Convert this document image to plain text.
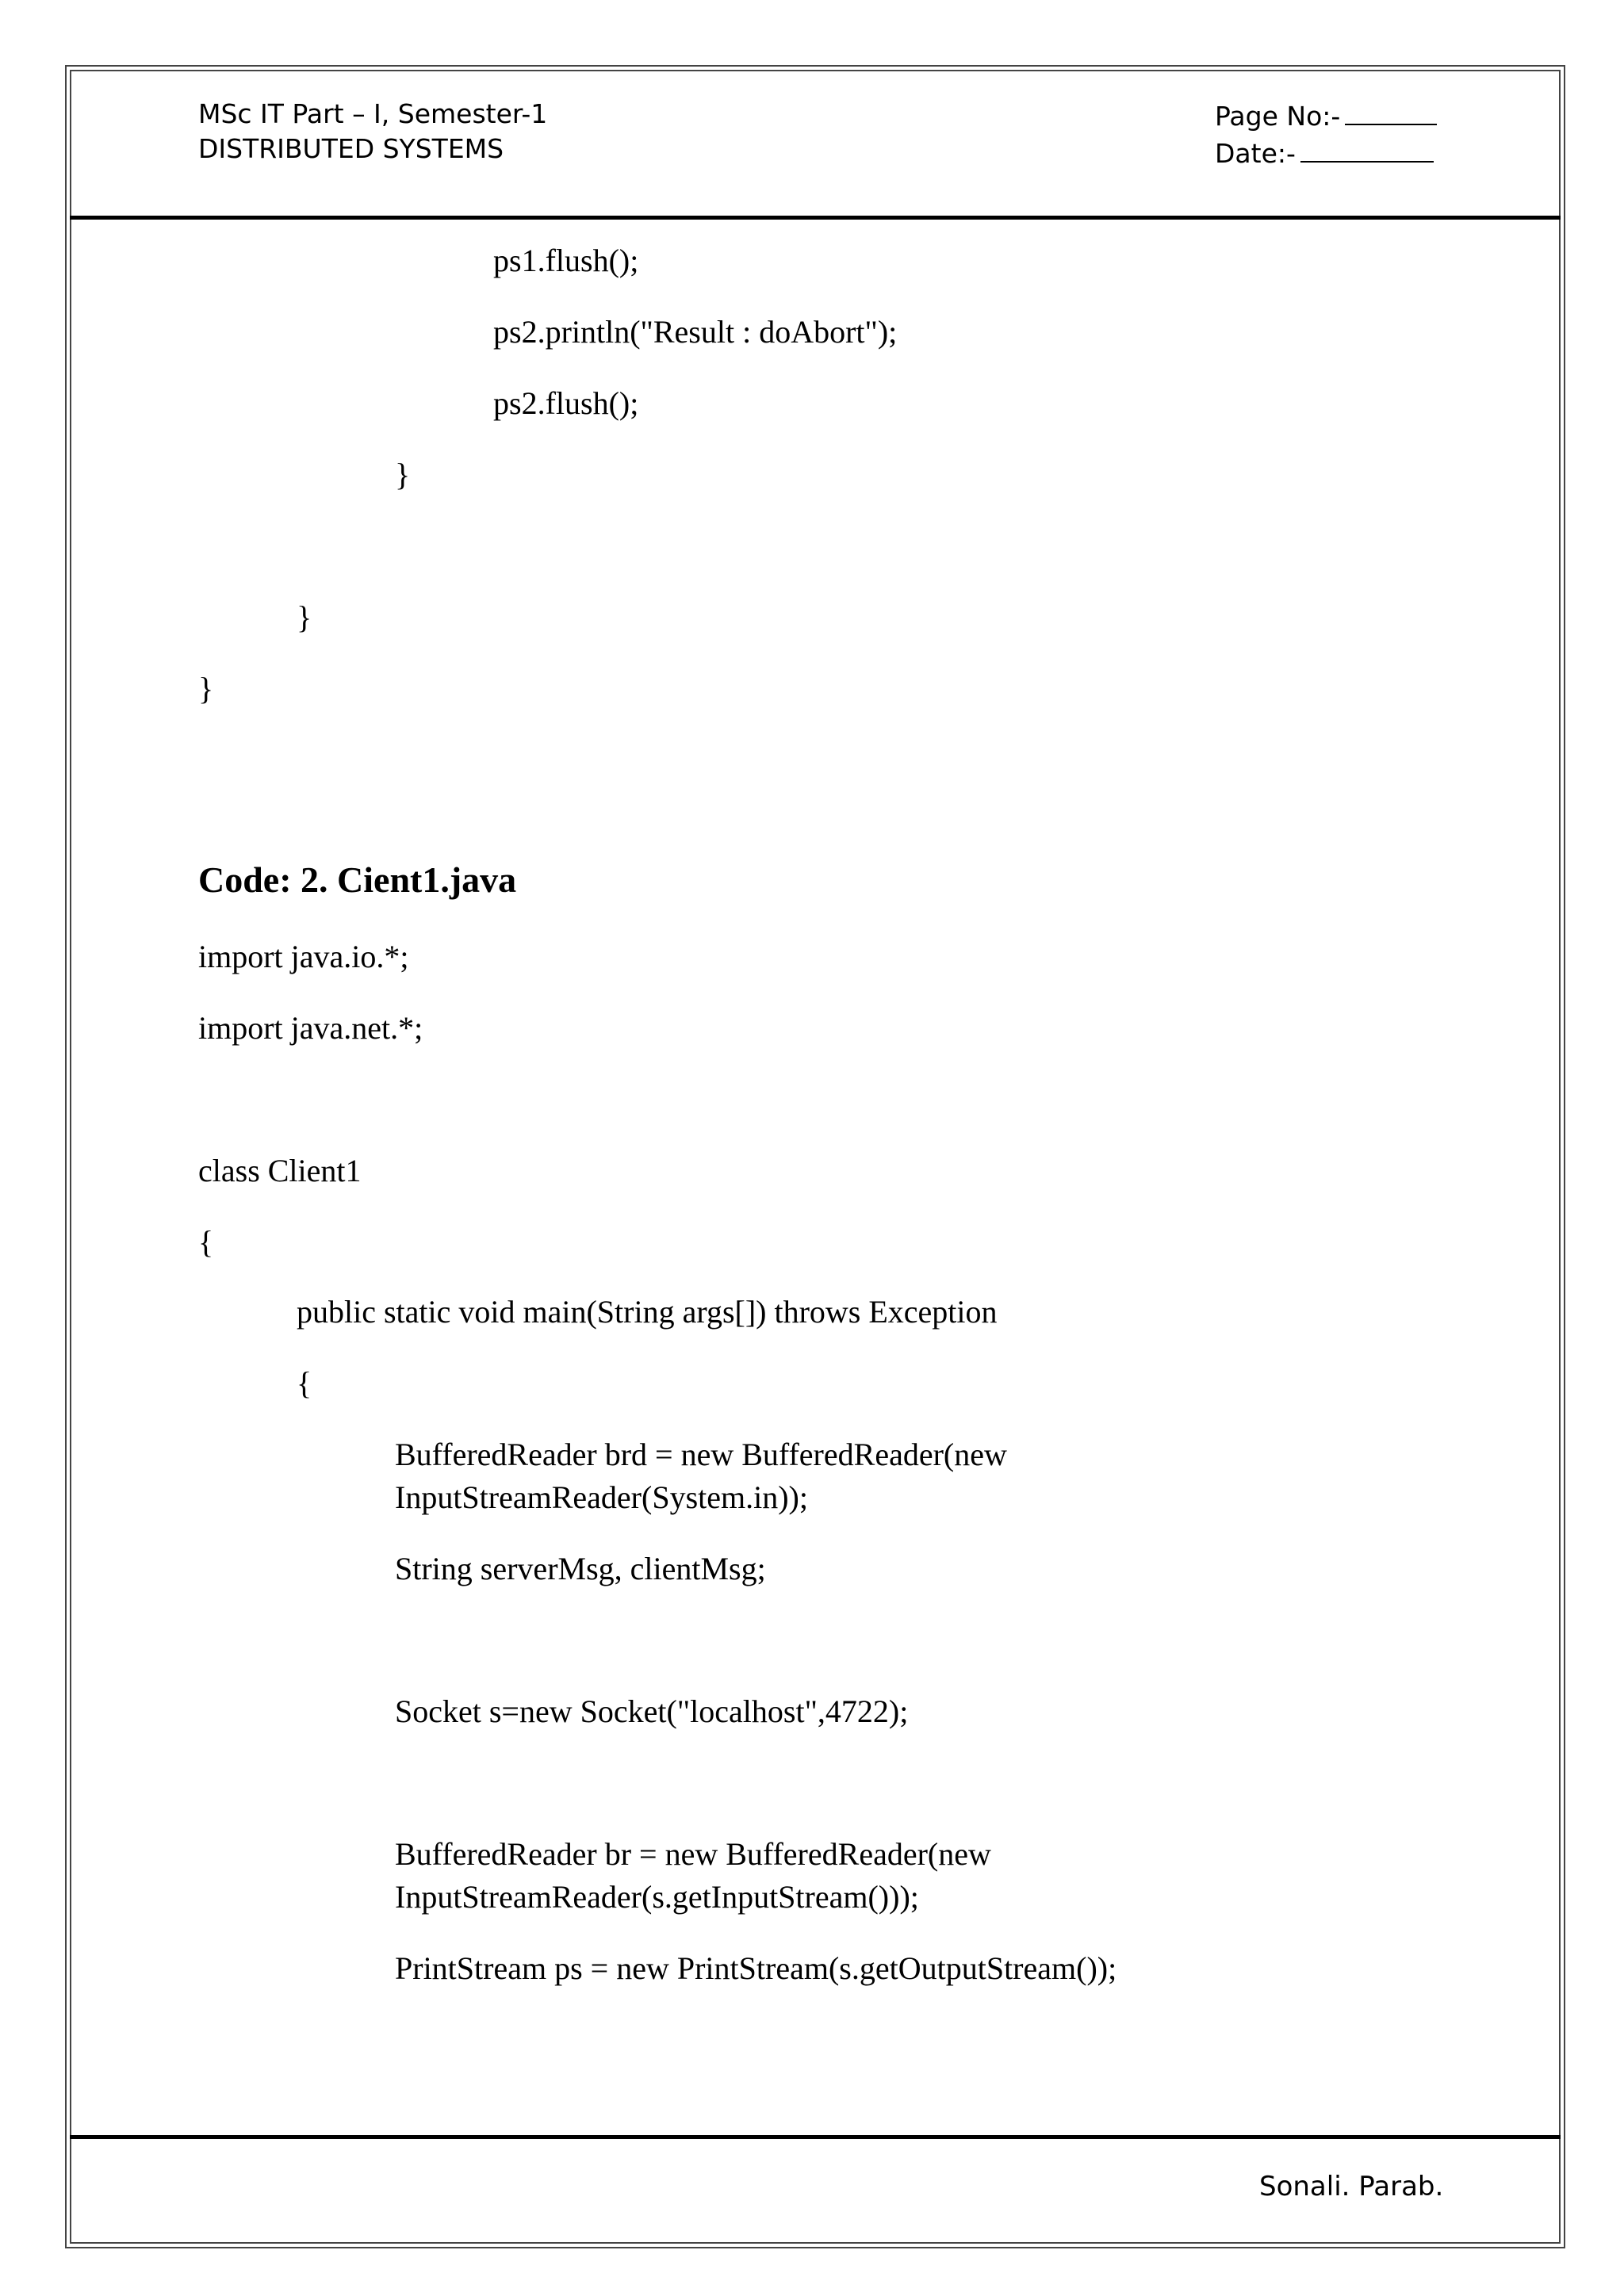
MSc IT Part – I, Semester-1
DISTRIBUTED SYSTEMS
Page No:-
Date:-
ps1.flush();
ps2.println("Result : doAbort");
ps2.flush();
}
}
}
Code: 2. Cient1.java
import java.io.*;
import java.net.*;
class Client1
{
public static void main(String args[]) throws Exception
{
BufferedReader brd = new BufferedReader(new
InputStreamReader(System.in));
String serverMsg, clientMsg;
Socket s=new Socket("localhost",4722);
BufferedReader br = new BufferedReader(new
InputStreamReader(s.getInputStream()));
PrintStream ps = new PrintStream(s.getOutputStream());
Sonali. Parab.
